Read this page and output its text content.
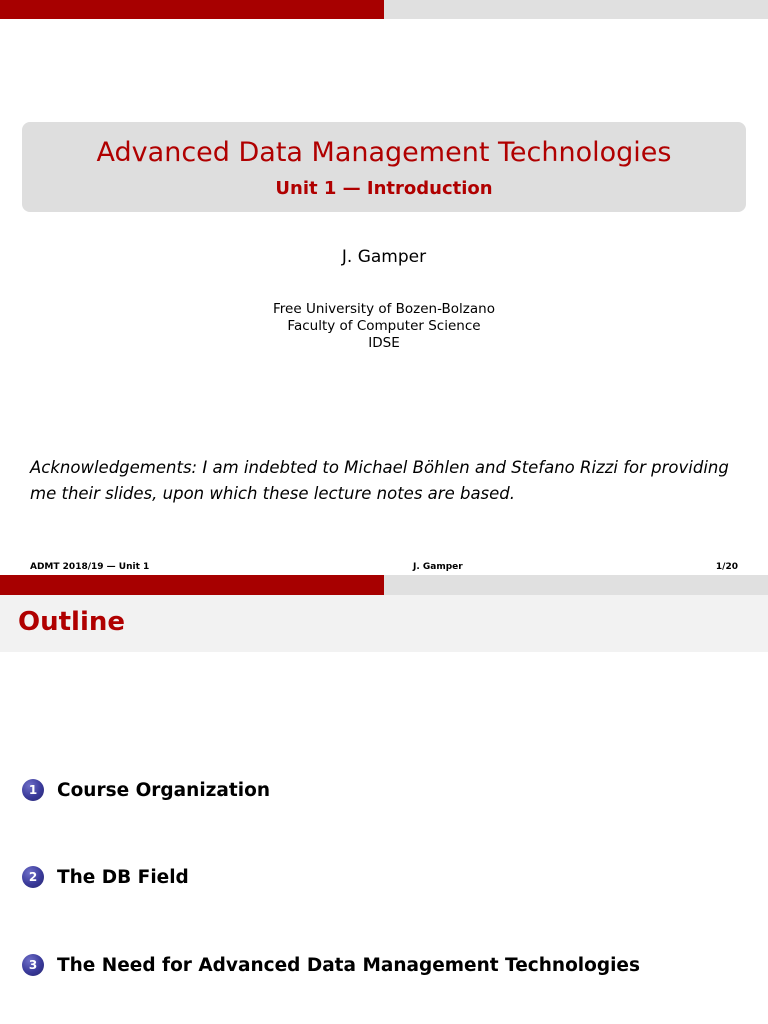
Advanced Data Management Technologies
Unit 1 — Introduction
J. Gamper
Free University of Bozen-Bolzano
Faculty of Computer Science
IDSE
Acknowledgements: I am indebted to Michael Böhlen and Stefano Rizzi for providing me their slides, upon which these lecture notes are based.
ADMT 2018/19 — Unit 1	J. Gamper	1/20
Outline
1	Course Organization
2	The DB Field
3	The Need for Advanced Data Management Technologies
